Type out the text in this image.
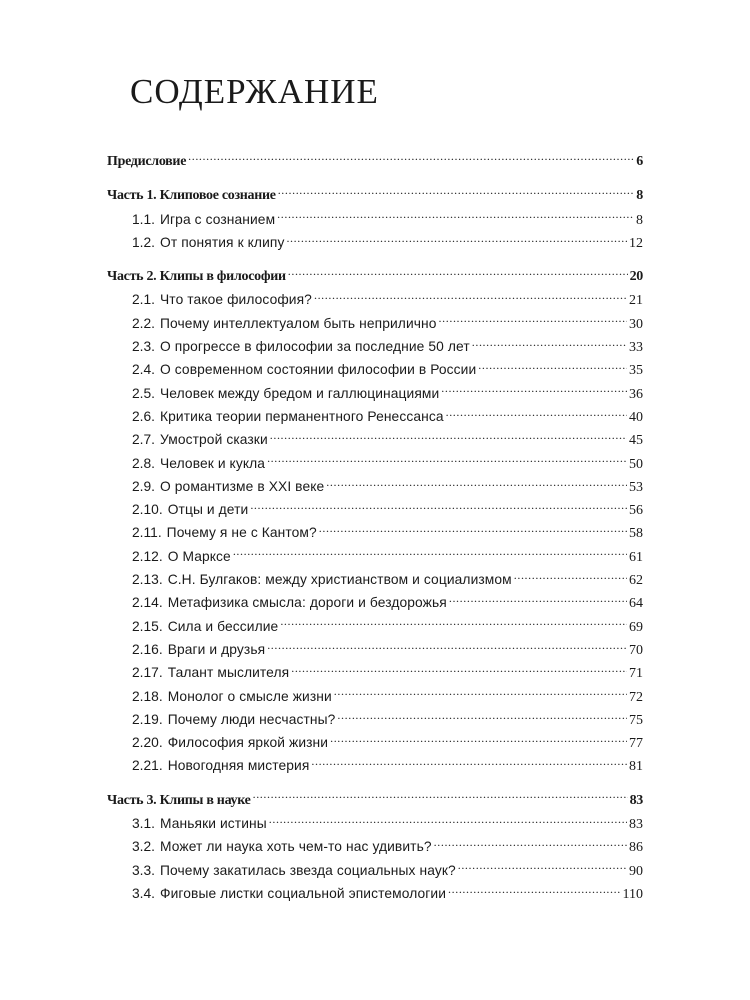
СОДЕРЖАНИЕ
Предисловие .....	6
Часть 1. Клиповое сознание .....	8
1.1. Игра с сознанием .....	8
1.2. От понятия к клипу .....	12
Часть 2. Клипы в философии .....	20
2.1. Что такое философия? .....	21
2.2. Почему интеллектуалом быть неприлично .....	30
2.3. О прогрессе в философии за последние 50 лет .....	33
2.4. О современном состоянии философии в России .....	35
2.5. Человек между бредом и галлюцинациями .....	36
2.6. Критика теории перманентного Ренессанса .....	40
2.7. Умострой сказки .....	45
2.8. Человек и кукла .....	50
2.9. О романтизме в XXI веке .....	53
2.10. Отцы и дети .....	56
2.11. Почему я не с Кантом? .....	58
2.12. О Марксе .....	61
2.13. С.Н. Булгаков: между христианством и социализмом .....	62
2.14. Метафизика смысла: дороги и бездорожья .....	64
2.15. Сила и бессилие .....	69
2.16. Враги и друзья .....	70
2.17. Талант мыслителя .....	71
2.18. Монолог о смысле жизни .....	72
2.19. Почему люди несчастны? .....	75
2.20. Философия яркой жизни .....	77
2.21. Новогодняя мистерия .....	81
Часть 3. Клипы в науке .....	83
3.1. Маньяки истины .....	83
3.2. Может ли наука хоть чем-то нас удивить? .....	86
3.3. Почему закатилась звезда социальных наук? .....	90
3.4. Фиговые листки социальной эпистемологии .....	110
